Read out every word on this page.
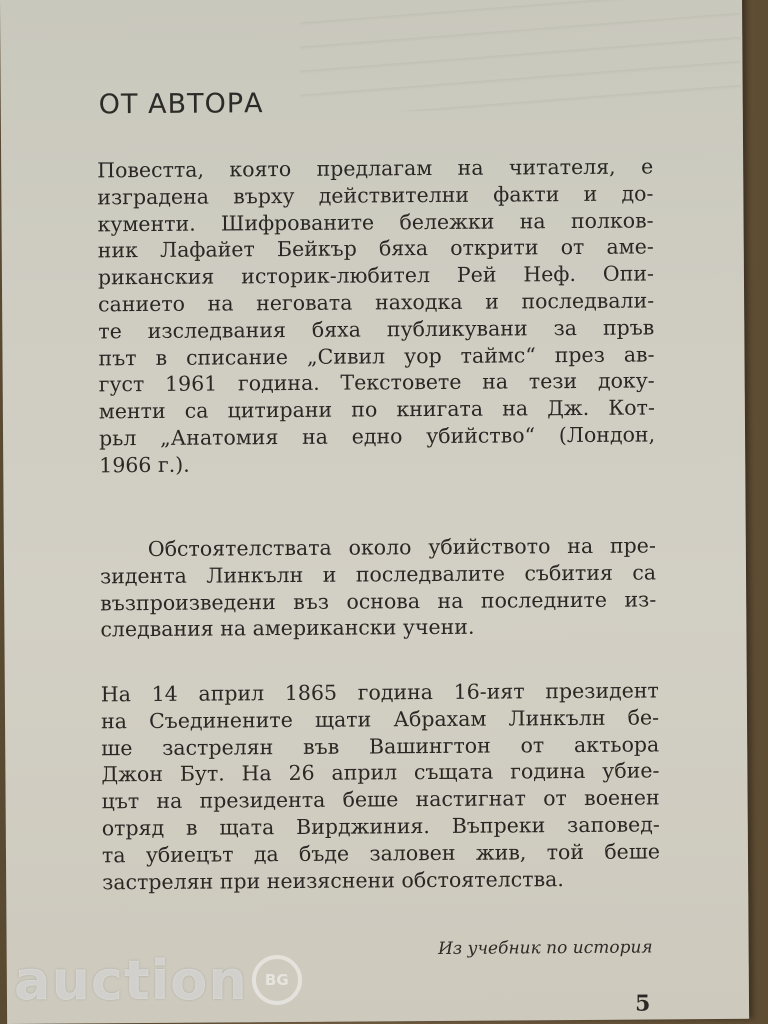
ОТ АВТОРА
Повестта, която предлагам на читателя, е
изградена върху действителни факти и до-
кументи. Шифрованите бележки на полков-
ник Лафайет Бейкър бяха открити от аме-
риканския историк-любител Рей Неф. Опи-
санието на неговата находка и последвали-
те изследвания бяха публикувани за пръв
път в списание „Сивил уор таймс“ през ав-
густ 1961 година. Текстовете на тези доку-
менти са цитирани по книгата на Дж. Кот-
рьл „Анатомия на едно убийство“ (Лондон,
1966 г.).
Обстоятелствата около убийството на пре-
зидента Линкълн и последвалите събития са
възпроизведени въз основа на последните из-
следвания на американски учени.
На 14 април 1865 година 16-ият президент
на Съединените щати Абрахам Линкълн бе-
ше застрелян във Вашингтон от актьора
Джон Бут. На 26 април същата година убие-
цът на президента беше настигнат от военен
отряд в щата Вирджиния. Въпреки заповед-
та убиецът да бъде заловен жив, той беше
застрелян при неизяснени обстоятелства.
Из учебник по история
5
auction	BG
